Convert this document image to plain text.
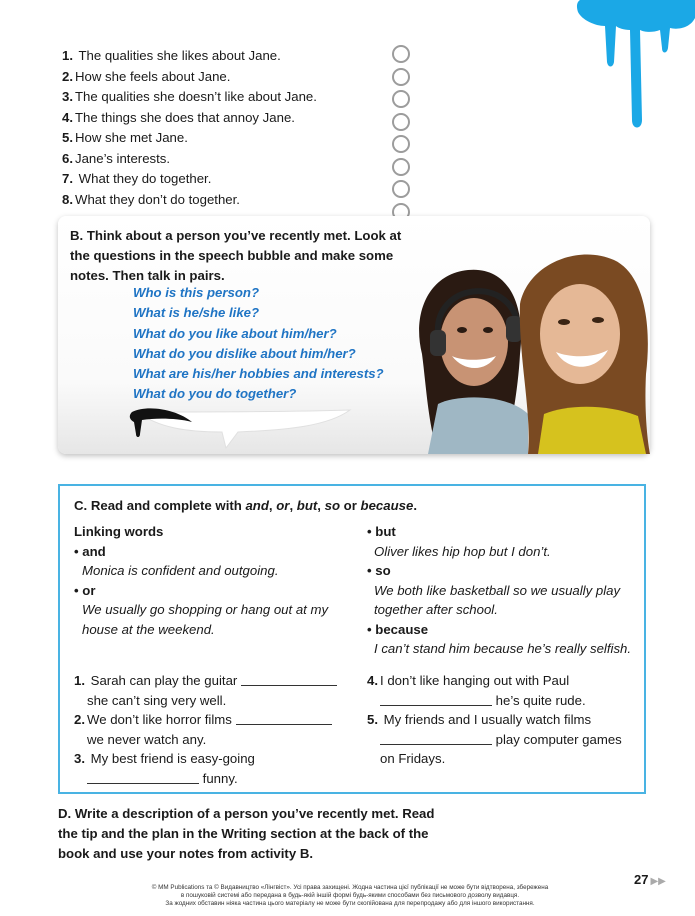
1. The qualities she likes about Jane.
2. How she feels about Jane.
3. The qualities she doesn’t like about Jane.
4. The things she does that annoy Jane.
5. How she met Jane.
6. Jane’s interests.
7. What they do together.
8. What they don’t do together.
B. Think about a person you’ve recently met. Look at the questions in the speech bubble and make some notes. Then talk in pairs.
Who is this person?
What is he/she like?
What do you like about him/her?
What do you dislike about him/her?
What are his/her hobbies and interests?
What do you do together?
C. Read and complete with and, or, but, so or because.
Linking words
• and
Monica is confident and outgoing.
• or
We usually go shopping or hang out at my
house at the weekend.
• but
Oliver likes hip hop but I don’t.
• so
We both like basketball so we usually play
together after school.
• because
I can’t stand him because he’s really selfish.
1. Sarah can play the guitar
she can’t sing very well.
2. We don’t like horror films
we never watch any.
3. My best friend is easy-going
funny.
4. I don’t like hanging out with Paul
he’s quite rude.
5. My friends and I usually watch films
play computer games
on Fridays.
D. Write a description of a person you’ve recently met. Read the tip and the plan in the Writing section at the back of the book and use your notes from activity B.
27 ▶▶
© MM Publications та © Видавництво «Лінгвіст». Усі права захищені. Жодна частина цієї публікації не може бути відтворена, збережена
в пошуковій системі або передана в будь-якій іншій формі будь-якими способами без письмового дозволу видавця.
За жодних обставин ніяка частина цього матеріалу не може бути скопійована для перепродажу або для іншого використання.
